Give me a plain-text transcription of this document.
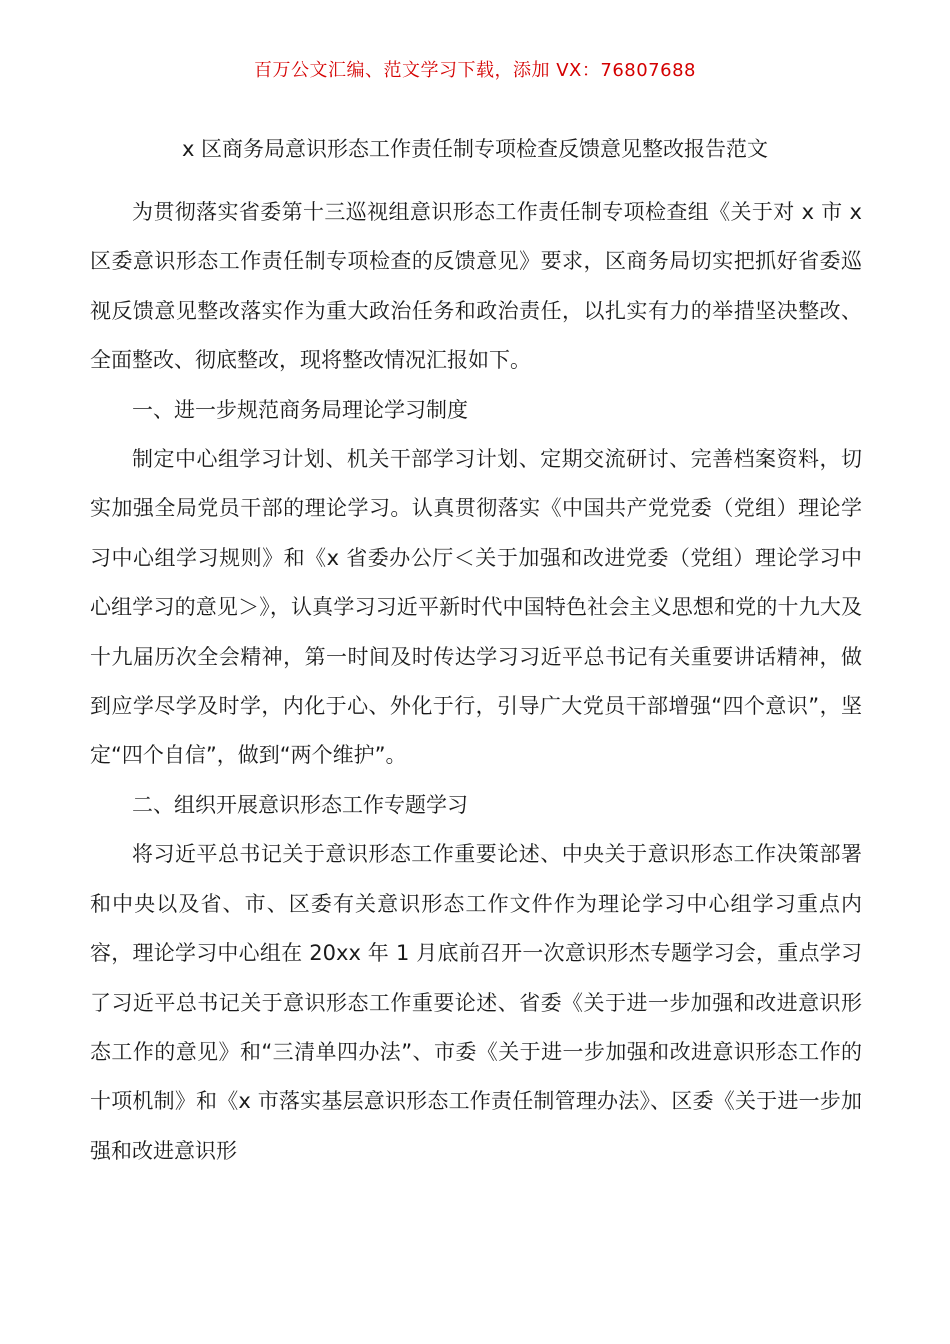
百万公文汇编、范文学习下载，添加 VX：76807688
x 区商务局意识形态工作责任制专项检查反馈意见整改报告范文

为贯彻落实省委第十三巡视组意识形态工作责任制专项检查组《关于对 x 市 x 区委意识形态工作责任制专项检查的反馈意见》要求，区商务局切实把抓好省委巡视反馈意见整改落实作为重大政治任务和政治责任，以扎实有力的举措坚决整改、全面整改、彻底整改，现将整改情况汇报如下。

一、进一步规范商务局理论学习制度

制定中心组学习计划、机关干部学习计划、定期交流研讨、完善档案资料，切实加强全局党员干部的理论学习。认真贯彻落实《中国共产党党委（党组）理论学习中心组学习规则》和《x 省委办公厅＜关于加强和改进党委（党组）理论学习中心组学习的意见＞》，认真学习习近平新时代中国特色社会主义思想和党的十九大及十九届历次全会精神，第一时间及时传达学习习近平总书记有关重要讲话精神，做到应学尽学及时学，内化于心、外化于行，引导广大党员干部增强“四个意识”，坚定“四个自信”，做到“两个维护”。

二、组织开展意识形态工作专题学习

将习近平总书记关于意识形态工作重要论述、中央关于意识形态工作决策部署和中央以及省、市、区委有关意识形态工作文件作为理论学习中心组学习重点内容，理论学习中心组在 20xx 年 1 月底前召开一次意识形杰专题学习会，重点学习了习近平总书记关于意识形态工作重要论述、省委《关于进一步加强和改进意识形态工作的意见》和“三清单四办法”、市委《关于进一步加强和改进意识形态工作的十项机制》和《x 市落实基层意识形态工作责任制管理办法》、区委《关于进一步加强和改进意识形
